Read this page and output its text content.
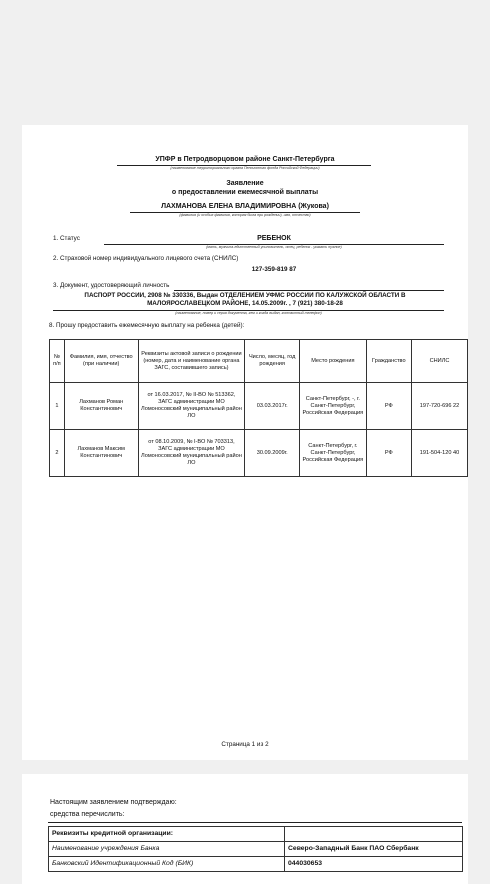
УПФР в Петродворцовом районе Санкт-Петербурга
(наименование территориального органа Пенсионного фонда Российской Федерации)
Заявление
о предоставлении ежемесячной выплаты
ЛАХМАНОВА ЕЛЕНА ВЛАДИМИРОВНА (Жукова)
(фамилия (и особых фамилия, которая была при рождении), имя, отчество)
1. Статус	РЕБЕНОК
(мать, мужчина-единственный усыновитель, отец, ребенок - указать нужное)
2. Страховой номер индивидуального лицевого счета (СНИЛС)
127-359-819 87
3. Документ, удостоверяющий личность
ПАСПОРТ РОССИИ, 2908 № 330336, Выдан ОТДЕЛЕНИЕМ УФМС РОССИИ ПО КАЛУЖСКОЙ ОБЛАСТИ В
МАЛОЯРОСЛАВЕЦКОМ РАЙОНЕ, 14.05.2009г. , 7 (921) 380-18-28
(наименование, номер и серия документа, кем и когда выдан, контактный телефон)
8. Прошу предоставить ежемесячную выплату на ребенка (детей):
№ п/п	Фамилия, имя, отчество (при наличии)	Реквизиты актовой записи о рождении (номер, дата и наименование органа ЗАГС, составившего запись)	Число, месяц, год рождения	Место рождения	Гражданство	СНИЛС
1	Лахманов Роман Константинович	от 16.03.2017, № II-ВО № 513362, ЗАГС администрации МО Ломоносовский муниципальный район ЛО	03.03.2017г.	Санкт-Петербург, -, г. Санкт-Петербург, Российская Федерация	РФ	197-720-696 22
2	Лахманов Максим Константинович	от 08.10.2009, № I-ВО № 703313, ЗАГС администрации МО Ломоносовский муниципальный район ЛО	30.09.2009г.	Санкт-Петербург, г. Санкт-Петербург, Российская Федерация	РФ	191-504-120 40
Страница 1 из 2
Настоящим заявлением подтверждаю:
средства перечислить:
Реквизиты кредитной организации:	
Наименование учреждения Банка	Северо-Западный Банк ПАО Сбербанк
Банковский Идентификационный Код (БИК)	044030653
